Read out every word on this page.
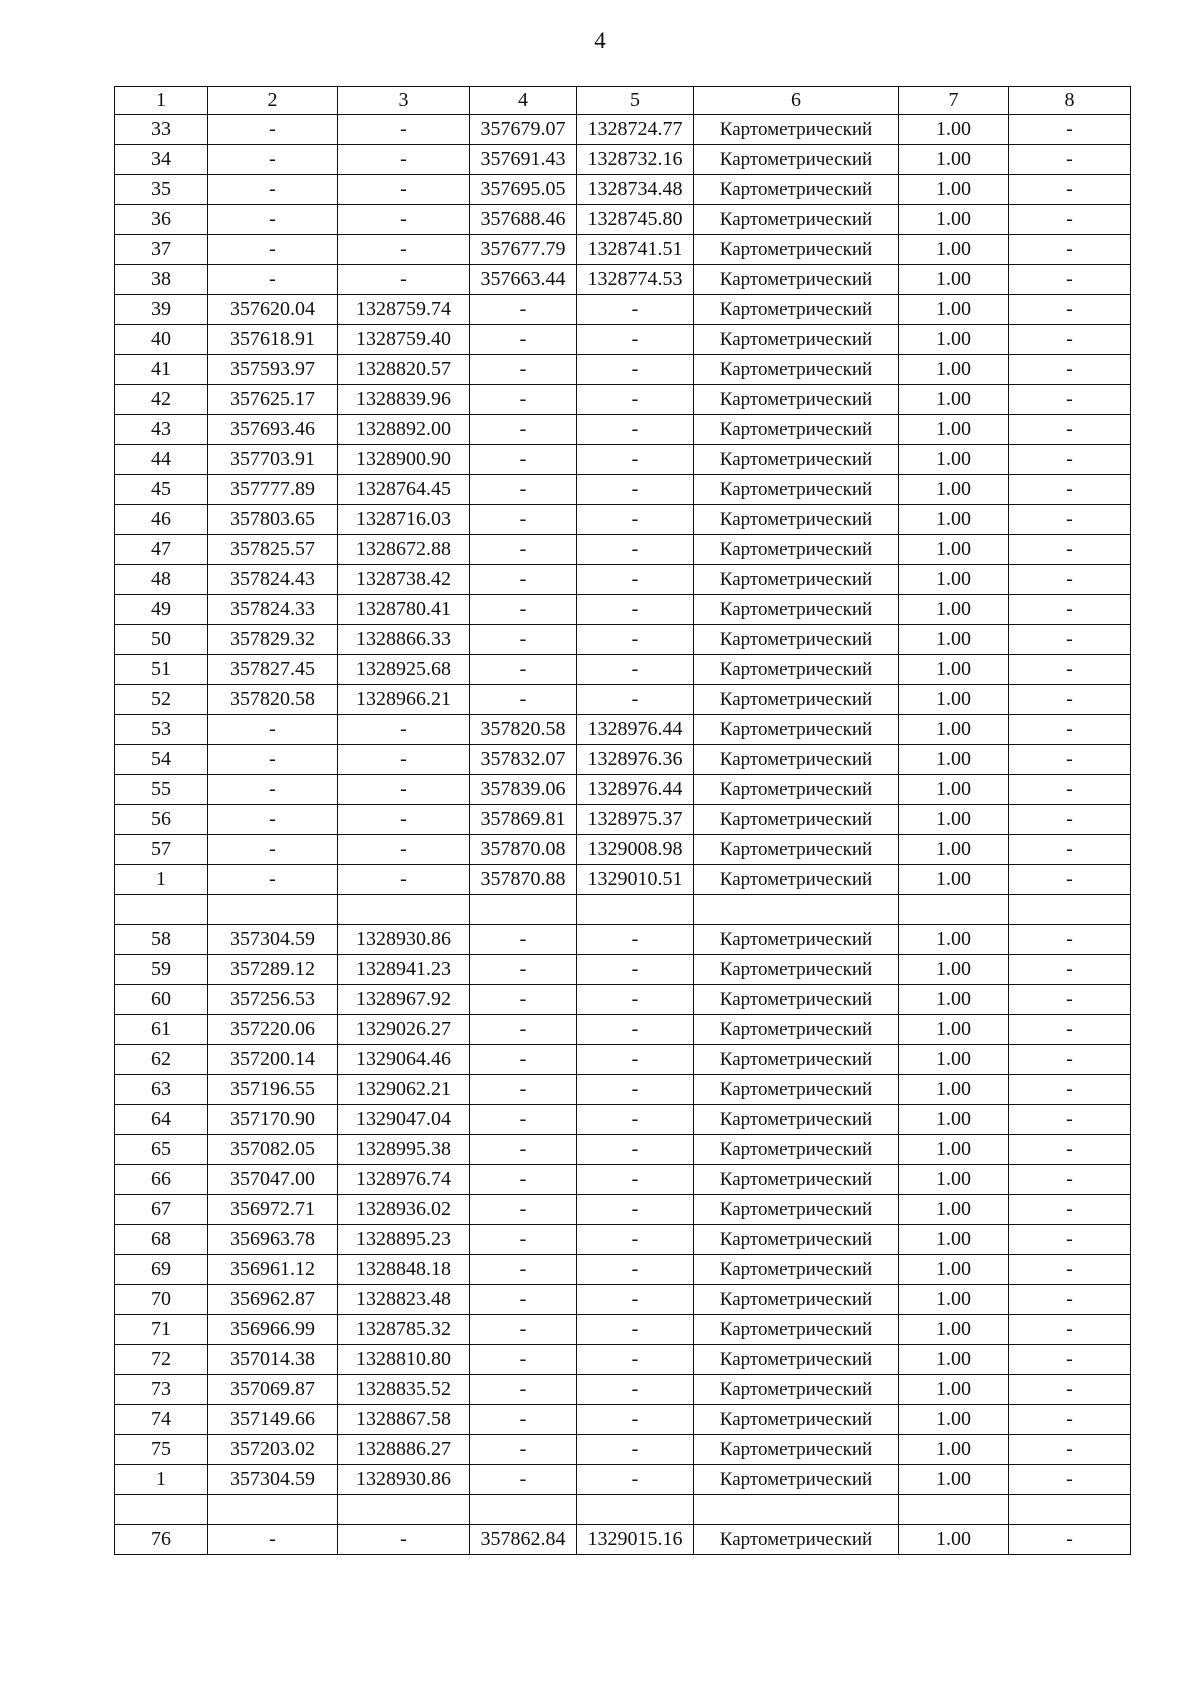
4
1	2	3	4	5	6	7	8
33	-	-	357679.07	1328724.77	Картометрический	1.00	-
34	-	-	357691.43	1328732.16	Картометрический	1.00	-
35	-	-	357695.05	1328734.48	Картометрический	1.00	-
36	-	-	357688.46	1328745.80	Картометрический	1.00	-
37	-	-	357677.79	1328741.51	Картометрический	1.00	-
38	-	-	357663.44	1328774.53	Картометрический	1.00	-
39	357620.04	1328759.74	-	-	Картометрический	1.00	-
40	357618.91	1328759.40	-	-	Картометрический	1.00	-
41	357593.97	1328820.57	-	-	Картометрический	1.00	-
42	357625.17	1328839.96	-	-	Картометрический	1.00	-
43	357693.46	1328892.00	-	-	Картометрический	1.00	-
44	357703.91	1328900.90	-	-	Картометрический	1.00	-
45	357777.89	1328764.45	-	-	Картометрический	1.00	-
46	357803.65	1328716.03	-	-	Картометрический	1.00	-
47	357825.57	1328672.88	-	-	Картометрический	1.00	-
48	357824.43	1328738.42	-	-	Картометрический	1.00	-
49	357824.33	1328780.41	-	-	Картометрический	1.00	-
50	357829.32	1328866.33	-	-	Картометрический	1.00	-
51	357827.45	1328925.68	-	-	Картометрический	1.00	-
52	357820.58	1328966.21	-	-	Картометрический	1.00	-
53	-	-	357820.58	1328976.44	Картометрический	1.00	-
54	-	-	357832.07	1328976.36	Картометрический	1.00	-
55	-	-	357839.06	1328976.44	Картометрический	1.00	-
56	-	-	357869.81	1328975.37	Картометрический	1.00	-
57	-	-	357870.08	1329008.98	Картометрический	1.00	-
1	-	-	357870.88	1329010.51	Картометрический	1.00	-

58	357304.59	1328930.86	-	-	Картометрический	1.00	-
59	357289.12	1328941.23	-	-	Картометрический	1.00	-
60	357256.53	1328967.92	-	-	Картометрический	1.00	-
61	357220.06	1329026.27	-	-	Картометрический	1.00	-
62	357200.14	1329064.46	-	-	Картометрический	1.00	-
63	357196.55	1329062.21	-	-	Картометрический	1.00	-
64	357170.90	1329047.04	-	-	Картометрический	1.00	-
65	357082.05	1328995.38	-	-	Картометрический	1.00	-
66	357047.00	1328976.74	-	-	Картометрический	1.00	-
67	356972.71	1328936.02	-	-	Картометрический	1.00	-
68	356963.78	1328895.23	-	-	Картометрический	1.00	-
69	356961.12	1328848.18	-	-	Картометрический	1.00	-
70	356962.87	1328823.48	-	-	Картометрический	1.00	-
71	356966.99	1328785.32	-	-	Картометрический	1.00	-
72	357014.38	1328810.80	-	-	Картометрический	1.00	-
73	357069.87	1328835.52	-	-	Картометрический	1.00	-
74	357149.66	1328867.58	-	-	Картометрический	1.00	-
75	357203.02	1328886.27	-	-	Картометрический	1.00	-
1	357304.59	1328930.86	-	-	Картометрический	1.00	-

76	-	-	357862.84	1329015.16	Картометрический	1.00	-
